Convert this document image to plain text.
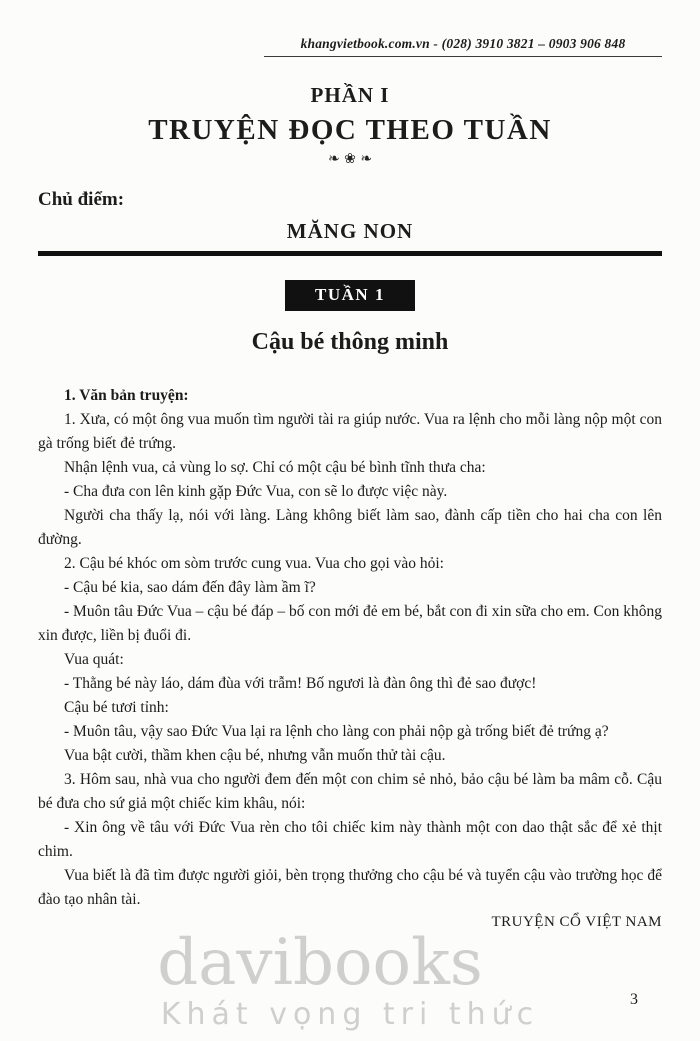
khangvietbook.com.vn - (028) 3910 3821 – 0903 906 848
PHẦN I
TRUYỆN ĐỌC THEO TUẦN
❧ ❀ ❧
Chủ điểm:
MĂNG NON
TUẦN 1
Cậu bé thông minh

1. Văn bản truyện:

1. Xưa, có một ông vua muốn tìm người tài ra giúp nước. Vua ra lệnh cho mỗi làng nộp một con gà trống biết đẻ trứng.

Nhận lệnh vua, cả vùng lo sợ. Chỉ có một cậu bé bình tĩnh thưa cha:

- Cha đưa con lên kinh gặp Đức Vua, con sẽ lo được việc này.

Người cha thấy lạ, nói với làng. Làng không biết làm sao, đành cấp tiền cho hai cha con lên đường.

2. Cậu bé khóc om sòm trước cung vua. Vua cho gọi vào hỏi:

- Cậu bé kia, sao dám đến đây làm ầm ĩ?

- Muôn tâu Đức Vua – cậu bé đáp – bố con mới đẻ em bé, bắt con đi xin sữa cho em. Con không xin được, liền bị đuổi đi.

Vua quát:

- Thằng bé này láo, dám đùa với trẫm! Bố ngươi là đàn ông thì đẻ sao được!

Cậu bé tươi tỉnh:

- Muôn tâu, vậy sao Đức Vua lại ra lệnh cho làng con phải nộp gà trống biết đẻ trứng ạ?

Vua bật cười, thầm khen cậu bé, nhưng vẫn muốn thử tài cậu.

3. Hôm sau, nhà vua cho người đem đến một con chim sẻ nhỏ, bảo cậu bé làm ba mâm cỗ. Cậu bé đưa cho sứ giả một chiếc kim khâu, nói:

- Xin ông về tâu với Đức Vua rèn cho tôi chiếc kim này thành một con dao thật sắc để xẻ thịt chim.

Vua biết là đã tìm được người giỏi, bèn trọng thưởng cho cậu bé và tuyển cậu vào trường học để đào tạo nhân tài.

TRUYỆN CỔ VIỆT NAM
3
davibooks
Khát vọng tri thức
